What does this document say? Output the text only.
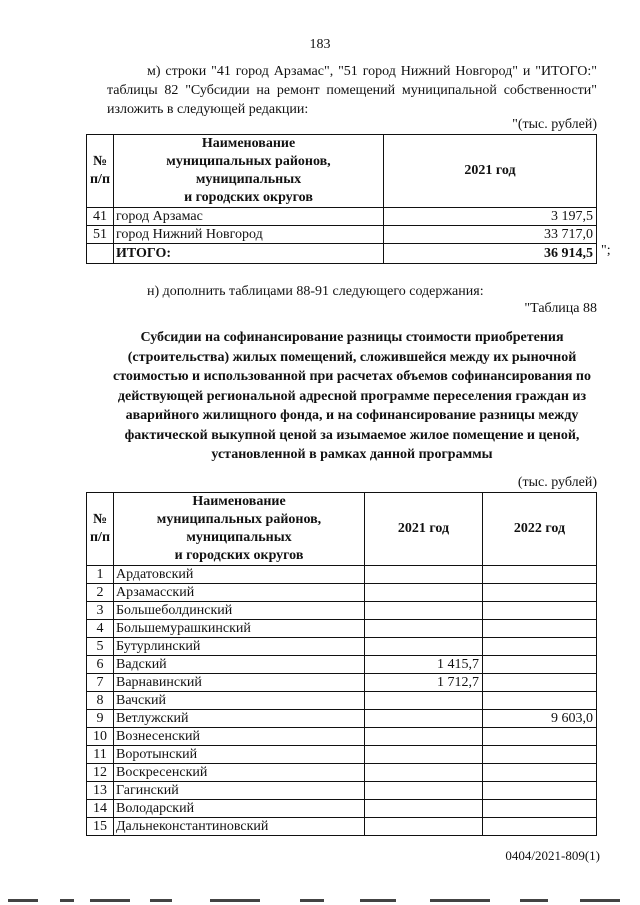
183
м) строки "41 город Арзамас", "51 город Нижний Новгород" и "ИТОГО:" таблицы 82 "Субсидии на ремонт помещений муниципальной собственности" изложить в следующей редакции:
"(тыс. рублей)
№
п/п	Наименование
муниципальных районов,
муниципальных
и городских округов	2021 год
41	город Арзамас	3 197,5
51	город Нижний Новгород	33 717,0
	ИТОГО:	36 914,5 ";
н) дополнить таблицами 88-91 следующего содержания:
"Таблица 88
Субсидии на софинансирование разницы стоимости приобретения (строительства) жилых помещений, сложившейся между их рыночной стоимостью и использованной при расчетах объемов софинансирования по действующей региональной адресной программе переселения граждан из аварийного жилищного фонда, и на софинансирование разницы между фактической выкупной ценой за изымаемое жилое помещение и ценой, установленной в рамках данной программы
(тыс. рублей)
№
п/п	Наименование
муниципальных районов,
муниципальных
и городских округов	2021 год	2022 год
1	Ардатовский		
2	Арзамасский		
3	Большеболдинский		
4	Большемурашкинский		
5	Бутурлинский		
6	Вадский	1 415,7	
7	Варнавинский	1 712,7	
8	Вачский		
9	Ветлужский		9 603,0
10	Вознесенский		
11	Воротынский		
12	Воскресенский		
13	Гагинский		
14	Володарский		
15	Дальнеконстантиновский		
0404/2021-809(1)
